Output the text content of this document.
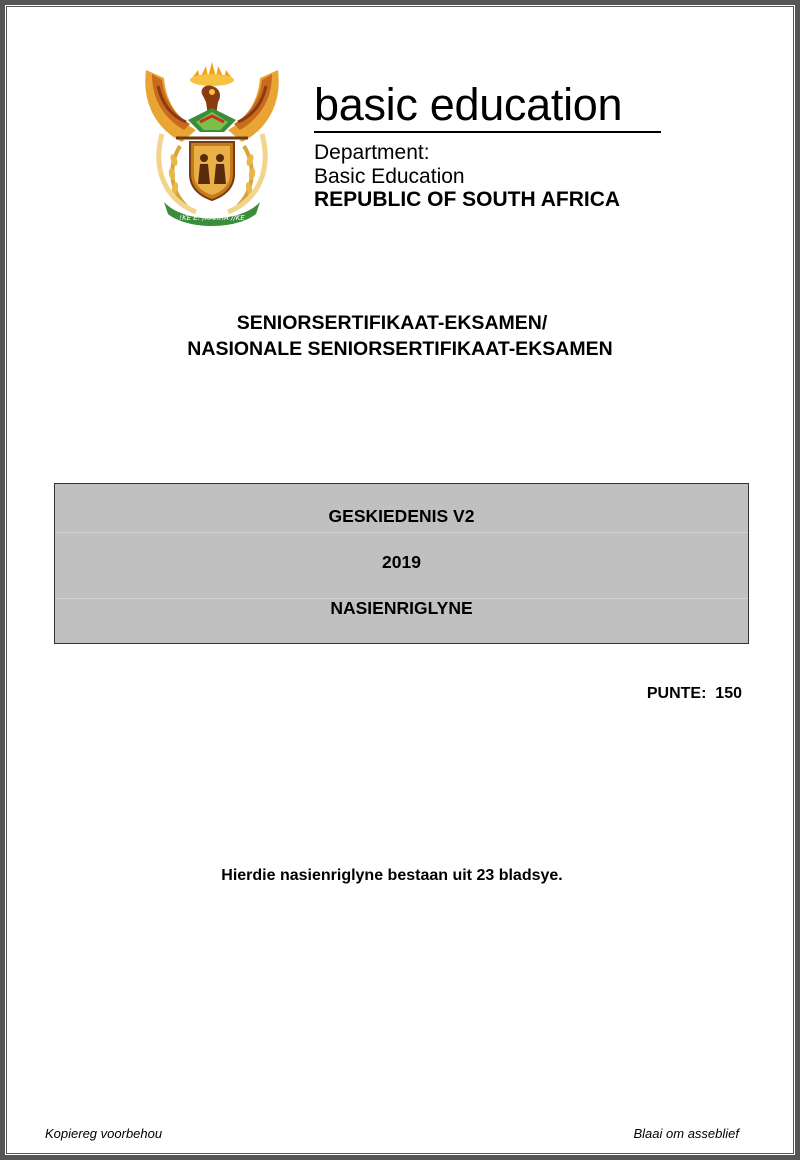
!KE E: /XARRA //KE
basic education
Department:
Basic Education
REPUBLIC OF SOUTH AFRICA
SENIORSERTIFIKAAT-EKSAMEN/
NASIONALE SENIORSERTIFIKAAT-EKSAMEN
GESKIEDENIS V2
2019
NASIENRIGLYNE
PUNTE:  150
Hierdie nasienriglyne bestaan uit 23 bladsye.
Kopiereg voorbehou	Blaai om asseblief
